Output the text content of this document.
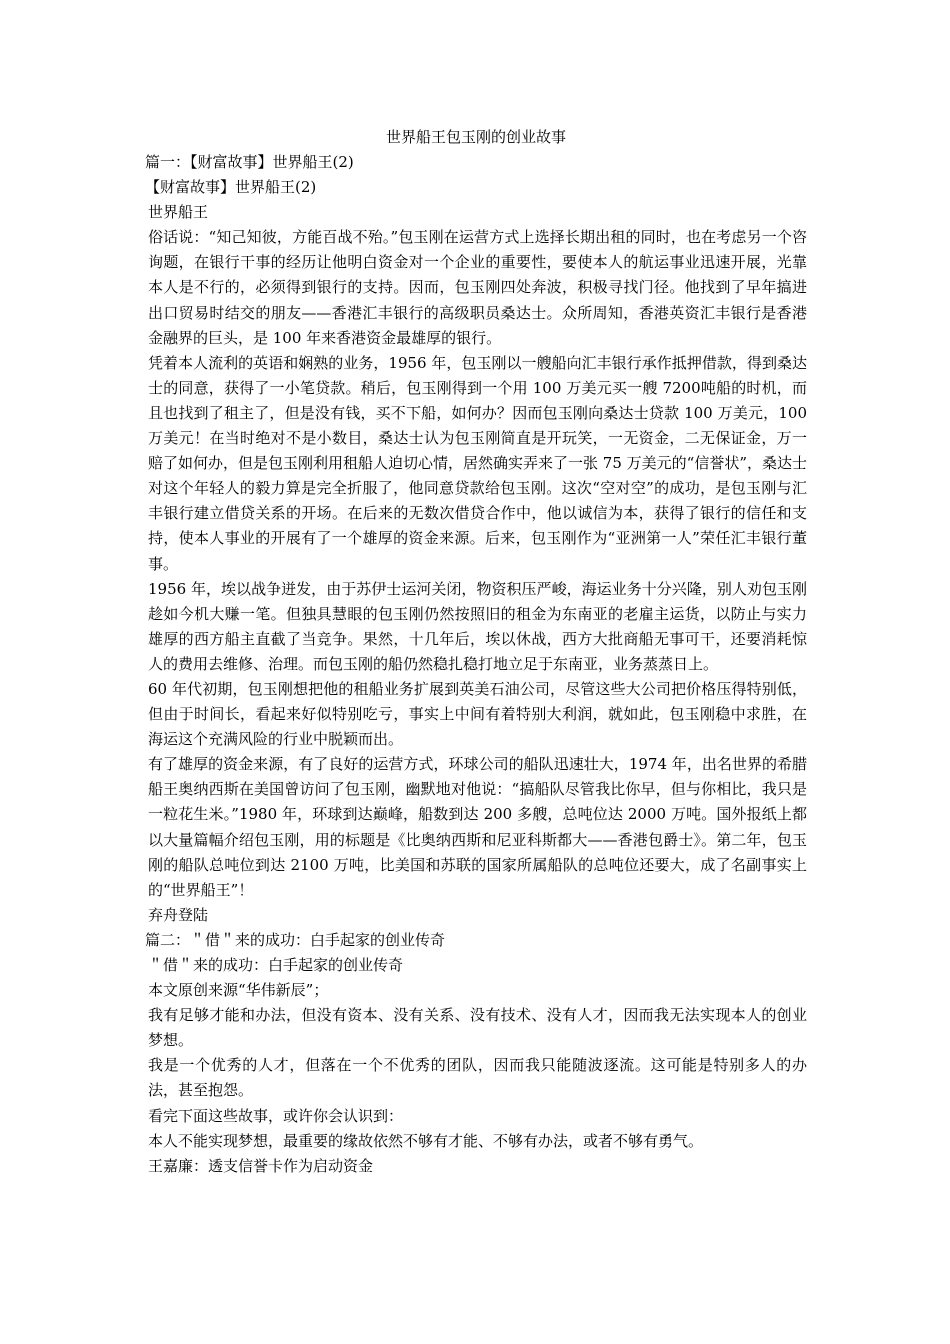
世界船王包玉刚的创业故事

篇一：【财富故事】世界船王(2)

【财富故事】世界船王(2)

世界船王

俗话说：“知己知彼，方能百战不殆。”包玉刚在运营方式上选择长期出租的同时，也在考虑另一个咨询题，在银行干事的经历让他明白资金对一个企业的重要性，要使本人的航运事业迅速开展，光靠本人是不行的，必须得到银行的支持。因而，包玉刚四处奔波，积极寻找门径。他找到了早年搞进出口贸易时结交的朋友——香港汇丰银行的高级职员桑达士。众所周知，香港英资汇丰银行是香港金融界的巨头，是 100 年来香港资金最雄厚的银行。

凭着本人流利的英语和娴熟的业务，1956 年，包玉刚以一艘船向汇丰银行承作抵押借款，得到桑达士的同意，获得了一小笔贷款。稍后，包玉刚得到一个用 100 万美元买一艘 7200吨船的时机，而且也找到了租主了，但是没有钱，买不下船，如何办？因而包玉刚向桑达士贷款 100 万美元，100 万美元！在当时绝对不是小数目，桑达士认为包玉刚简直是开玩笑，一无资金，二无保证金，万一赔了如何办，但是包玉刚利用租船人迫切心情，居然确实弄来了一张 75 万美元的“信誉状”，桑达士对这个年轻人的毅力算是完全折服了，他同意贷款给包玉刚。这次“空对空”的成功，是包玉刚与汇丰银行建立借贷关系的开场。在后来的无数次借贷合作中，他以诚信为本，获得了银行的信任和支持，使本人事业的开展有了一个雄厚的资金来源。后来，包玉刚作为“亚洲第一人”荣任汇丰银行董事。

1956 年，埃以战争迸发，由于苏伊士运河关闭，物资积压严峻，海运业务十分兴隆，别人劝包玉刚趁如今机大赚一笔。但独具慧眼的包玉刚仍然按照旧的租金为东南亚的老雇主运货，以防止与实力雄厚的西方船主直截了当竞争。果然，十几年后，埃以休战，西方大批商船无事可干，还要消耗惊人的费用去维修、治理。而包玉刚的船仍然稳扎稳打地立足于东南亚，业务蒸蒸日上。

60 年代初期，包玉刚想把他的租船业务扩展到英美石油公司，尽管这些大公司把价格压得特别低，但由于时间长，看起来好似特别吃亏，事实上中间有着特别大利润，就如此，包玉刚稳中求胜，在海运这个充满风险的行业中脱颖而出。

有了雄厚的资金来源，有了良好的运营方式，环球公司的船队迅速壮大，1974 年，出名世界的希腊船王奥纳西斯在美国曾访问了包玉刚，幽默地对他说：“搞船队尽管我比你早，但与你相比，我只是一粒花生米。”1980 年，环球到达巅峰，船数到达 200 多艘，总吨位达 2000 万吨。国外报纸上都以大量篇幅介绍包玉刚，用的标题是《比奥纳西斯和尼亚科斯都大——香港包爵士》。第二年，包玉刚的船队总吨位到达 2100 万吨，比美国和苏联的国家所属船队的总吨位还要大，成了名副事实上的“世界船王”！

弃舟登陆

篇二：＂借＂来的成功：白手起家的创业传奇

＂借＂来的成功：白手起家的创业传奇

本文原创来源“华伟新辰”；

我有足够才能和办法，但没有资本、没有关系、没有技术、没有人才，因而我无法实现本人的创业梦想。

我是一个优秀的人才，但落在一个不优秀的团队，因而我只能随波逐流。这可能是特别多人的办法，甚至抱怨。

看完下面这些故事，或许你会认识到：

本人不能实现梦想，最重要的缘故依然不够有才能、不够有办法，或者不够有勇气。

王嘉廉：透支信誉卡作为启动资金
